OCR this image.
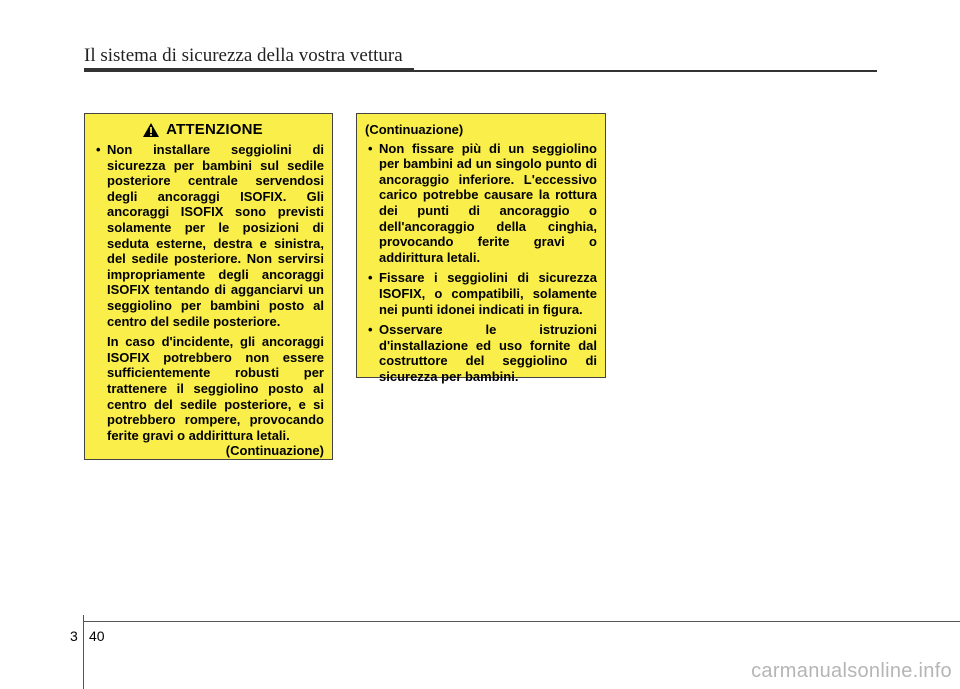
Il sistema di sicurezza della vostra vettura
ATTENZIONE
• Non installare seggiolini di sicurezza per bambini sul sedile posteriore centrale servendosi degli ancoraggi ISOFIX. Gli ancoraggi ISOFIX sono previsti solamente per le posizioni di seduta esterne, destra e sinistra, del sedile posteriore. Non servirsi impropriamente degli ancoraggi ISOFIX tentando di agganciarvi un seggiolino per bambini posto al centro del sedile posteriore.
In caso d'incidente, gli ancoraggi ISOFIX potrebbero non essere sufficientemente robusti per trattenere il seggiolino posto al centro del sedile posteriore, e si potrebbero rompere, provocando ferite gravi o addirittura letali.
(Continuazione)
(Continuazione)
• Non fissare più di un seggiolino per bambini ad un singolo punto di ancoraggio inferiore. L'eccessivo carico potrebbe causare la rottura dei punti di ancoraggio o dell'ancoraggio della cinghia, provocando ferite gravi o addirittura letali.
• Fissare i seggiolini di sicurezza ISOFIX, o compatibili, solamente nei punti idonei indicati in figura.
• Osservare le istruzioni d'installazione ed uso fornite dal costruttore del seggiolino di sicurezza per bambini.
3 40
carmanualsonline.info
